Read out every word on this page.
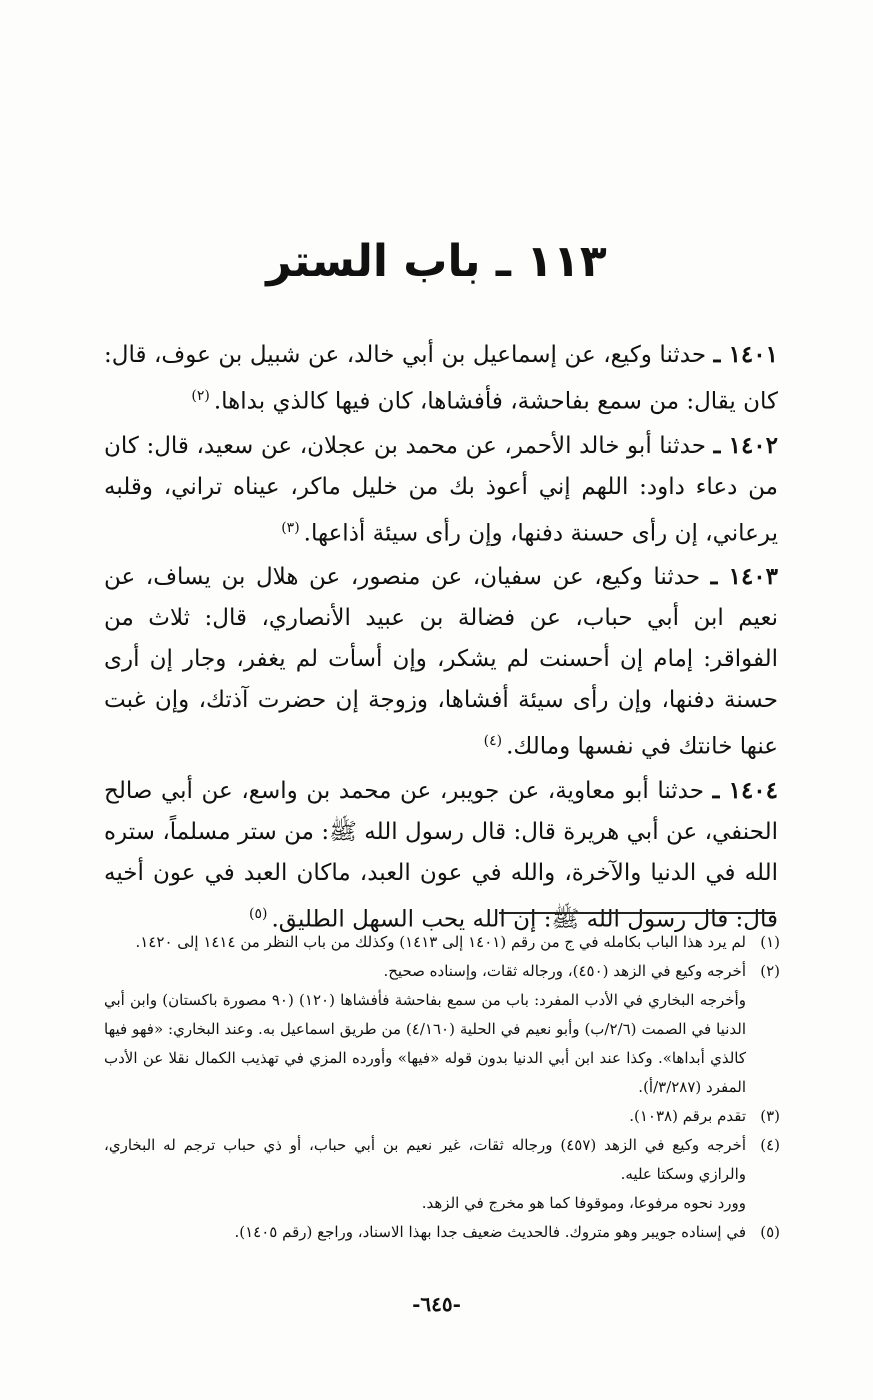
١١٣ ـ باب الستر

١٤٠١ ـ حدثنا وكيع، عن إسماعيل بن أبي خالد، عن شبيل بن عوف، قال: كان يقال: من سمع بفاحشة، فأفشاها، كان فيها كالذي بداها.$^{(٢)}$

١٤٠٢ ـ حدثنا أبو خالد الأحمر، عن محمد بن عجلان، عن سعيد، قال: كان من دعاء داود: اللهم إني أعوذ بك من خليل ماكر، عيناه تراني، وقلبه يرعاني، إن رأى حسنة دفنها، وإن رأى سيئة أذاعها.$^{(٣)}$

١٤٠٣ ـ حدثنا وكيع، عن سفيان، عن منصور، عن هلال بن يساف، عن نعيم ابن أبي حباب، عن فضالة بن عبيد الأنصاري، قال: ثلاث من الفواقر: إمام إن أحسنت لم يشكر، وإن أسأت لم يغفر، وجار إن أرى حسنة دفنها، وإن رأى سيئة أفشاها، وزوجة إن حضرت آذتك، وإن غبت عنها خانتك في نفسها ومالك.$^{(٤)}$

١٤٠٤ ـ حدثنا أبو معاوية، عن جويبر، عن محمد بن واسع، عن أبي صالح الحنفي، عن أبي هريرة قال: قال رسول الله ﷺ: من ستر مسلماً، ستره الله في الدنيا والآخرة، والله في عون العبد، ماكان العبد في عون أخيه قال: قال رسول الله ﷺ: إن الله يحب السهل الطليق.$^{(٥)}$

(١)
لم يرد هذا الباب بكامله في ج من رقم (١٤٠١ إلى ١٤١٣) وكذلك من باب النظر من ١٤١٤ إلى ١٤٢٠.
(٢)
أخرجه وكيع في الزهد (٤٥٠)، ورجاله ثقات، وإسناده صحيح.
وأخرجه البخاري في الأدب المفرد: باب من سمع بفاحشة فأفشاها (١٢٠) (٩٠ مصورة باكستان) وابن أبي الدنيا في الصمت (٢/٦/ب) وأبو نعيم في الحلية (٤/١٦٠) من طريق اسماعيل به. وعند البخاري: «فهو فيها كالذي أبداها». وكذا عند ابن أبي الدنيا بدون قوله «فيها» وأورده المزي في تهذيب الكمال نقلا عن الأدب المفرد (٣/٢٨٧/أ).
(٣)
تقدم برقم (١٠٣٨).
(٤)
أخرجه وكيع في الزهد (٤٥٧) ورجاله ثقات، غير نعيم بن أبي حباب، أو ذي حباب ترجم له البخاري، والرازي وسكتا عليه.
وورد نحوه مرفوعا، وموقوفا كما هو مخرج في الزهد.
(٥)
في إسناده جويبر وهو متروك. فالحديث ضعيف جدا بهذا الاسناد، وراجع (رقم ١٤٠٥).
-٦٤٥-
